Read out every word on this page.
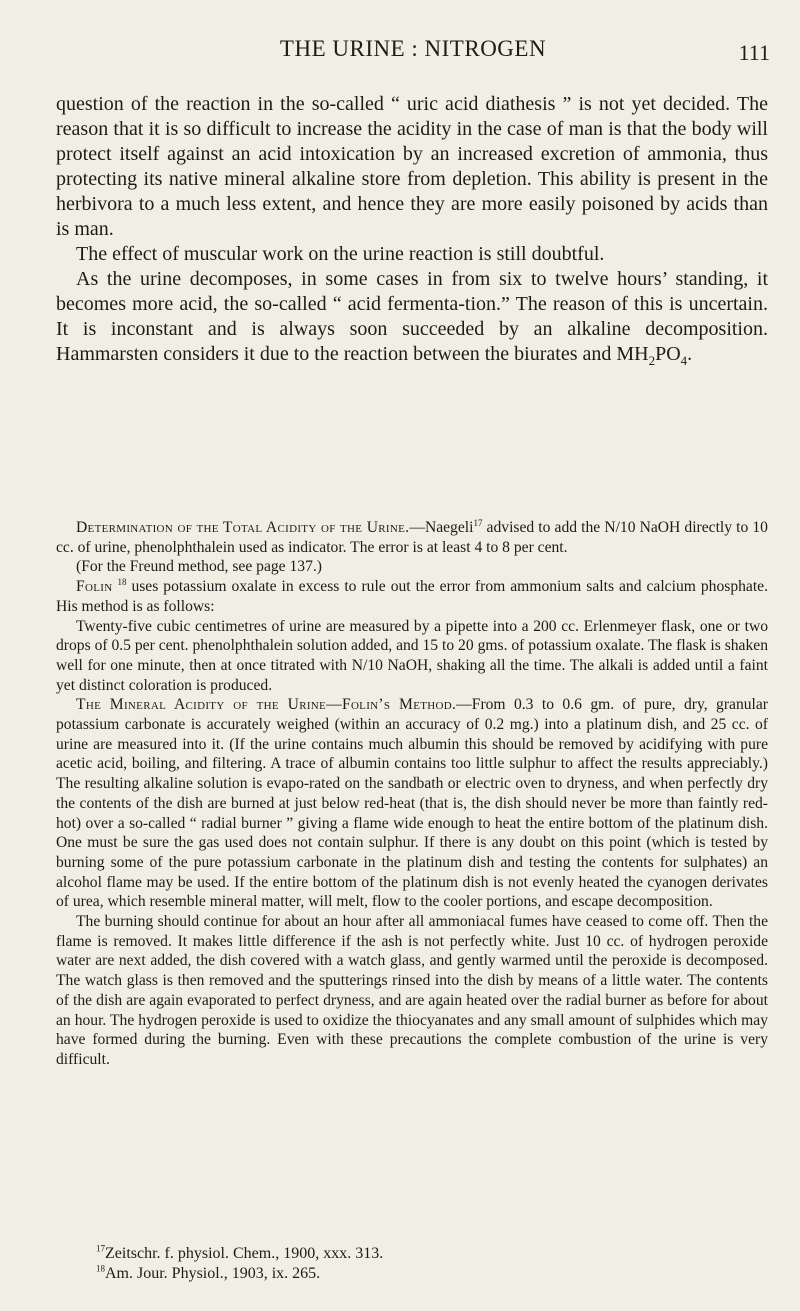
THE URINE : NITROGEN	111

question of the reaction in the so-called “ uric acid diathesis ” is not yet decided. The reason that it is so difficult to increase the acidity in the case of man is that the body will protect itself against an acid intoxication by an increased excretion of ammonia, thus protecting its native mineral alkaline store from depletion. This ability is present in the herbivora to a much less extent, and hence they are more easily poisoned by acids than is man.

The effect of muscular work on the urine reaction is still doubtful.

As the urine decomposes, in some cases in from six to twelve hours’ standing, it becomes more acid, the so-called “ acid fermenta-tion.” The reason of this is uncertain. It is inconstant and is always soon succeeded by an alkaline decomposition. Hammarsten considers it due to the reaction between the biurates and $MH_2PO_4$.

Determination of the Total Acidity of the Urine.—Naegeli$^{17}$ advised to add the N/10 NaOH directly to 10 cc. of urine, phenolphthalein used as indicator. The error is at least 4 to 8 per cent.

(For the Freund method, see page 137.)

Folin $^{18}$ uses potassium oxalate in excess to rule out the error from ammonium salts and calcium phosphate. His method is as follows:

Twenty-five cubic centimetres of urine are measured by a pipette into a 200 cc. Erlenmeyer flask, one or two drops of 0.5 per cent. phenolphthalein solution added, and 15 to 20 gms. of potassium oxalate. The flask is shaken well for one minute, then at once titrated with N/10 NaOH, shaking all the time. The alkali is added until a faint yet distinct coloration is produced.

The Mineral Acidity of the Urine—Folin’s Method.—From 0.3 to 0.6 gm. of pure, dry, granular potassium carbonate is accurately weighed (within an accuracy of 0.2 mg.) into a platinum dish, and 25 cc. of urine are measured into it. (If the urine contains much albumin this should be removed by acidifying with pure acetic acid, boiling, and filtering. A trace of albumin contains too little sulphur to affect the results appreciably.) The resulting alkaline solution is evapo-rated on the sandbath or electric oven to dryness, and when perfectly dry the contents of the dish are burned at just below red-heat (that is, the dish should never be more than faintly red-hot) over a so-called “ radial burner ” giving a flame wide enough to heat the entire bottom of the platinum dish. One must be sure the gas used does not contain sulphur. If there is any doubt on this point (which is tested by burning some of the pure potassium carbonate in the platinum dish and testing the contents for sulphates) an alcohol flame may be used. If the entire bottom of the platinum dish is not evenly heated the cyanogen derivates of urea, which resemble mineral matter, will melt, flow to the cooler portions, and escape decomposition.

The burning should continue for about an hour after all ammoniacal fumes have ceased to come off. Then the flame is removed. It makes little difference if the ash is not perfectly white. Just 10 cc. of hydrogen peroxide water are next added, the dish covered with a watch glass, and gently warmed until the peroxide is decomposed. The watch glass is then removed and the sputterings rinsed into the dish by means of a little water. The contents of the dish are again evaporated to perfect dryness, and are again heated over the radial burner as before for about an hour. The hydrogen peroxide is used to oxidize the thiocyanates and any small amount of sulphides which may have formed during the burning. Even with these precautions the complete combustion of the urine is very difficult.

$^{17}$Zeitschr. f. physiol. Chem., 1900, xxx. 313.

$^{18}$Am. Jour. Physiol., 1903, ix. 265.
